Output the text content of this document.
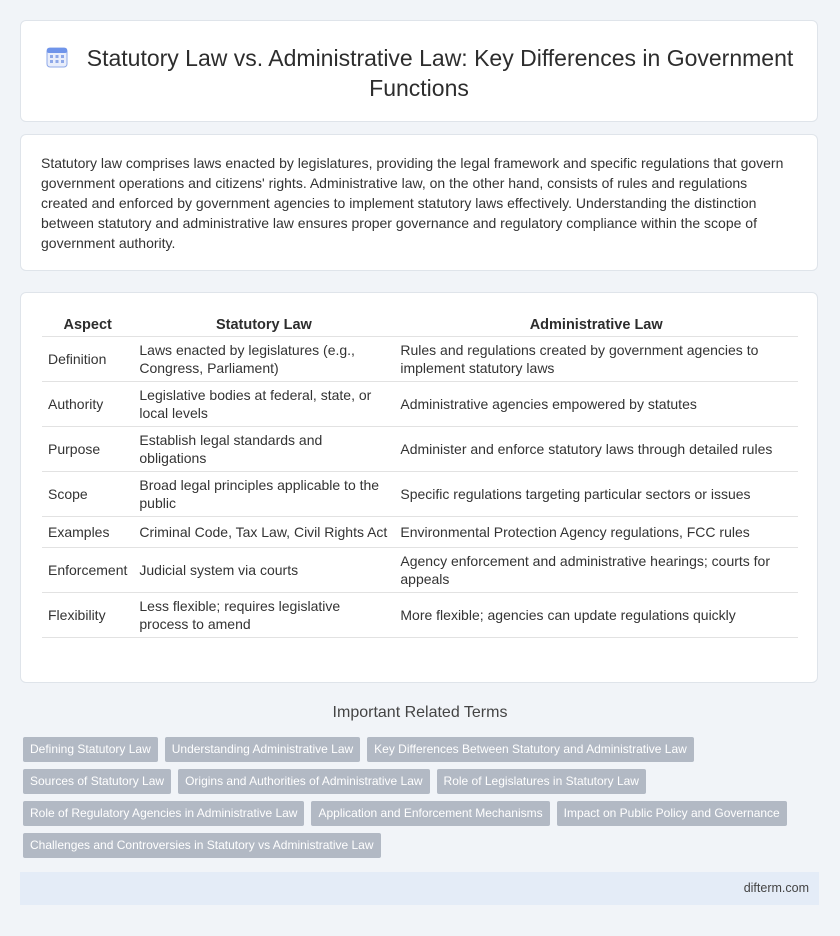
Statutory Law vs. Administrative Law: Key Differences in Government Functions

Statutory law comprises laws enacted by legislatures, providing the legal framework and specific regulations that govern government operations and citizens' rights. Administrative law, on the other hand, consists of rules and regulations created and enforced by government agencies to implement statutory laws effectively. Understanding the distinction between statutory and administrative law ensures proper governance and regulatory compliance within the scope of government authority.

Aspect	Statutory Law	Administrative Law
Definition	Laws enacted by legislatures (e.g., Congress, Parliament)	Rules and regulations created by government agencies to implement statutory laws
Authority	Legislative bodies at federal, state, or local levels	Administrative agencies empowered by statutes
Purpose	Establish legal standards and obligations	Administer and enforce statutory laws through detailed rules
Scope	Broad legal principles applicable to the public	Specific regulations targeting particular sectors or issues
Examples	Criminal Code, Tax Law, Civil Rights Act	Environmental Protection Agency regulations, FCC rules
Enforcement	Judicial system via courts	Agency enforcement and administrative hearings; courts for appeals
Flexibility	Less flexible; requires legislative process to amend	More flexible; agencies can update regulations quickly
Important Related Terms
Defining Statutory Law Understanding Administrative Law Key Differences Between Statutory and Administrative Law
Sources of Statutory Law Origins and Authorities of Administrative Law Role of Legislatures in Statutory Law
Role of Regulatory Agencies in Administrative Law Application and Enforcement Mechanisms Impact on Public Policy and Governance
Challenges and Controversies in Statutory vs Administrative Law
difterm.com
